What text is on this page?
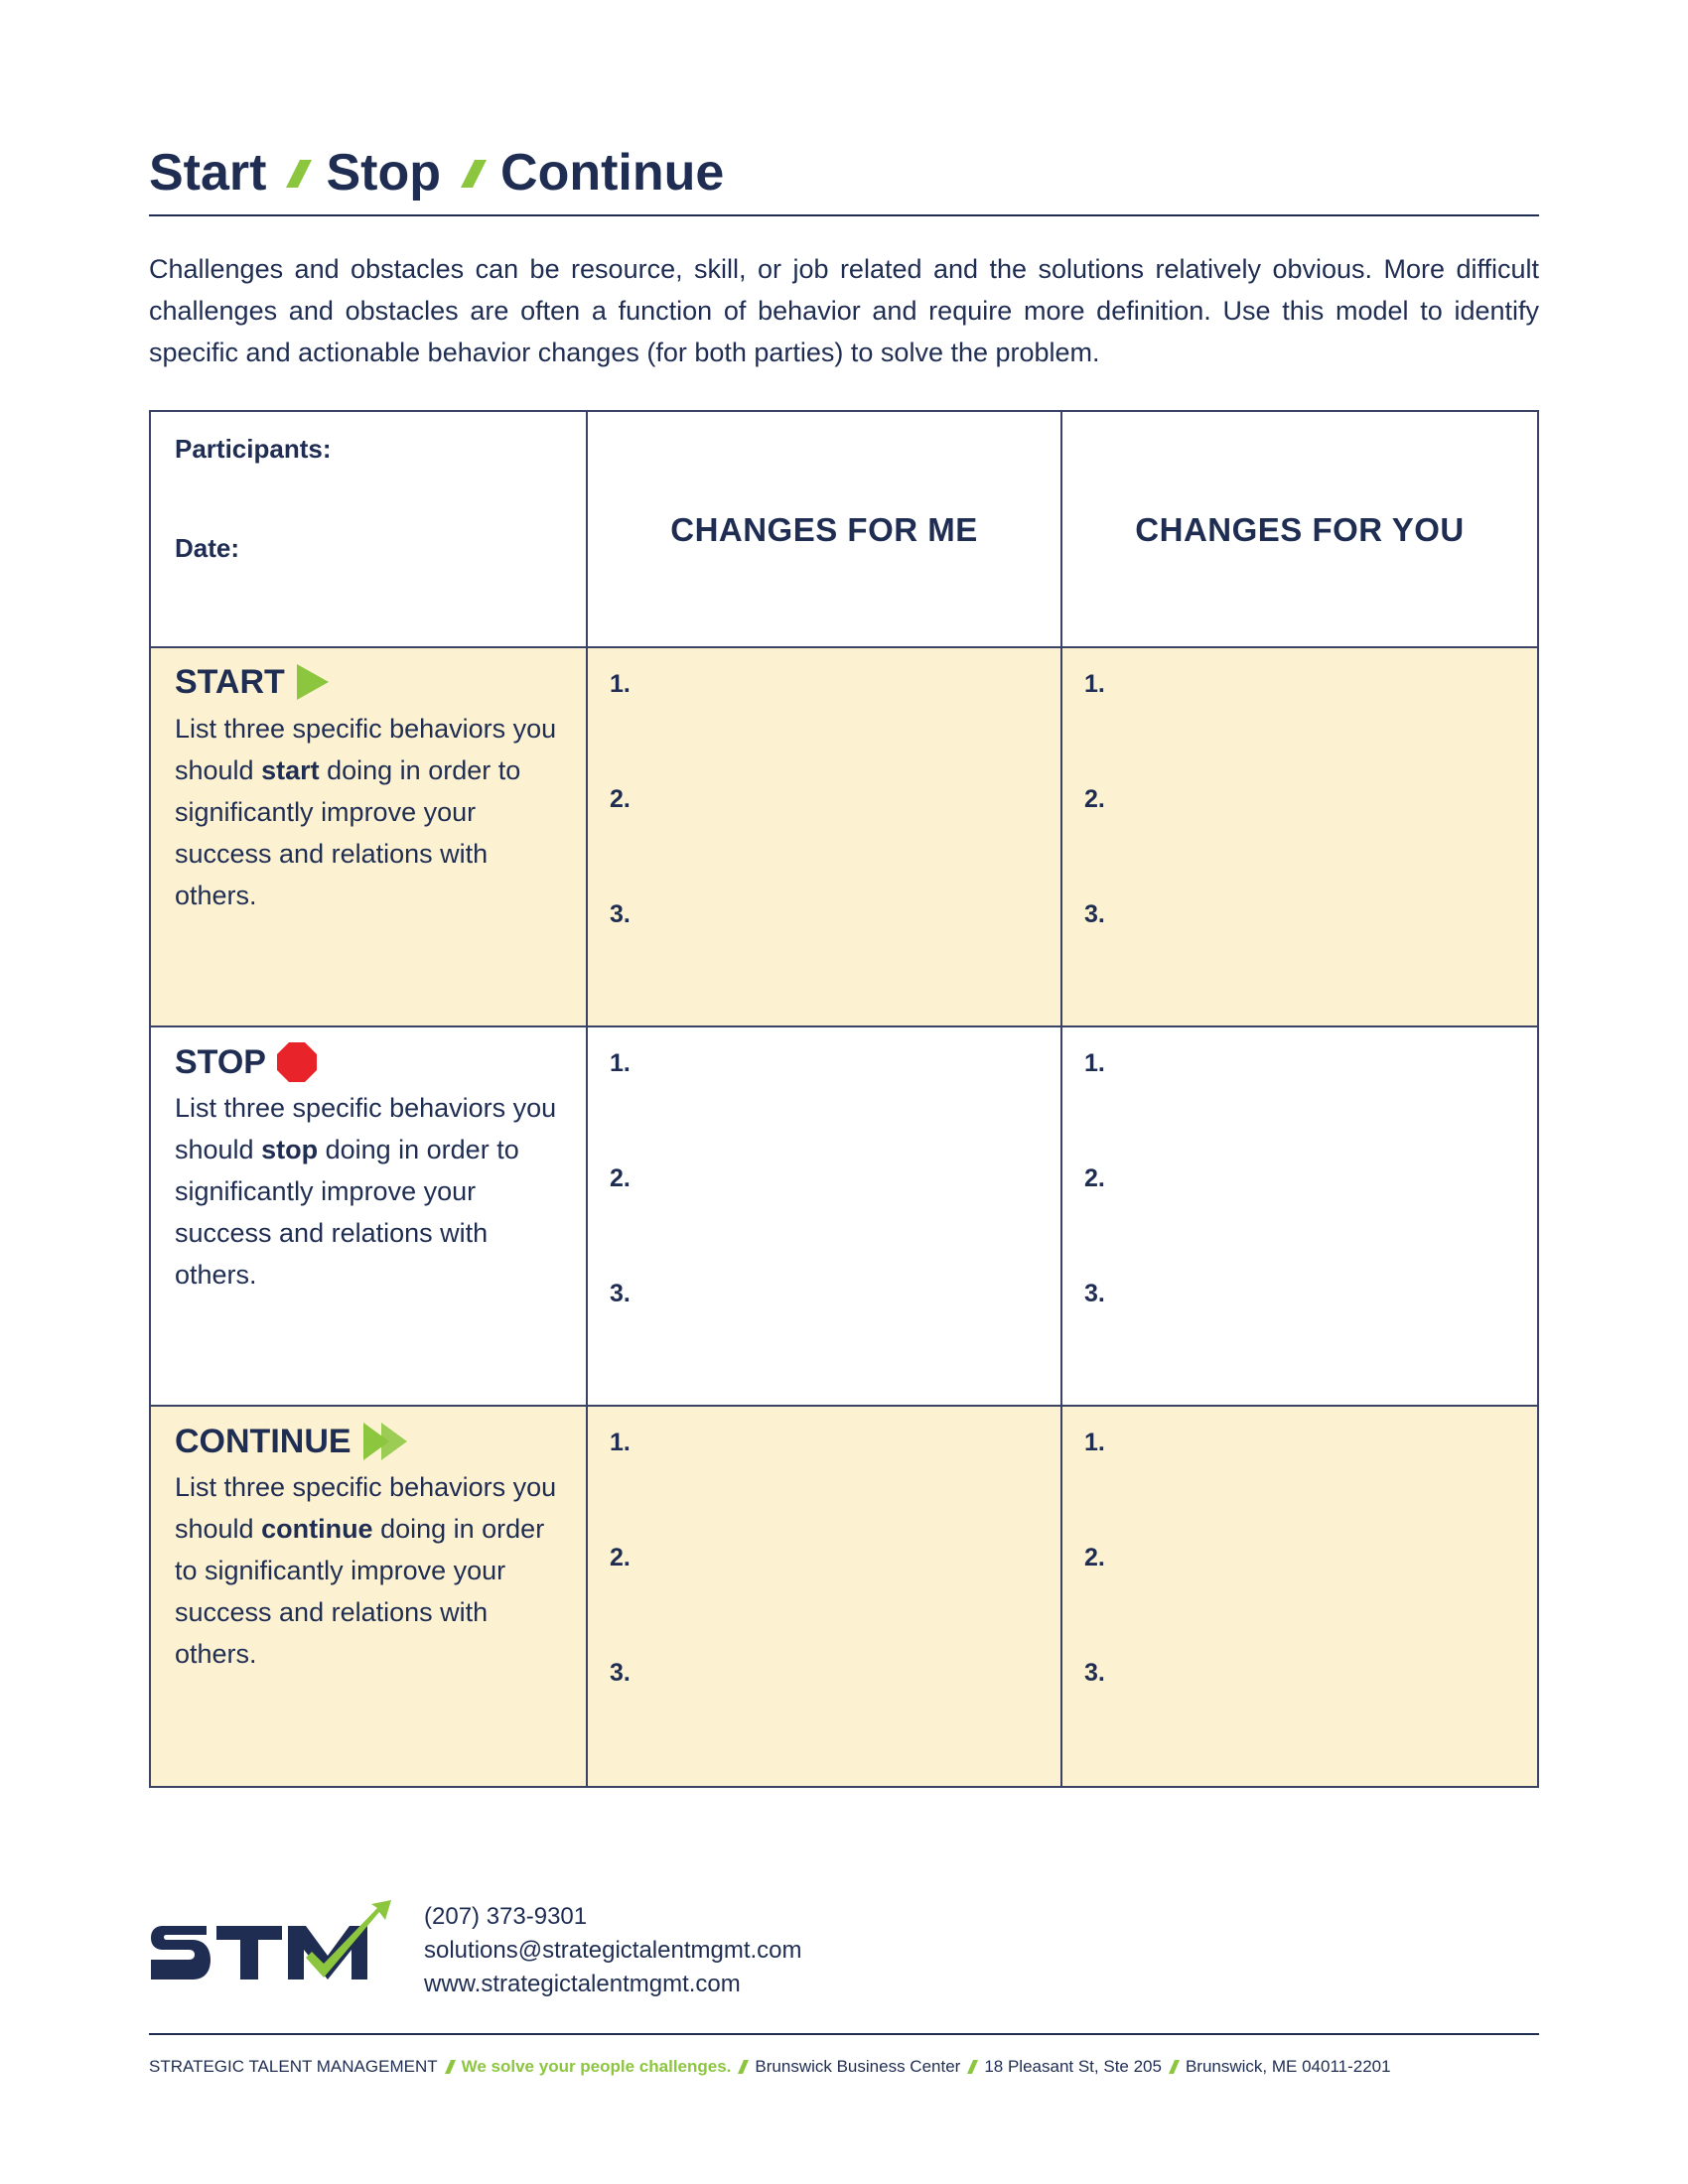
Start Stop Continue
Challenges and obstacles can be resource, skill, or job related and the solutions relatively obvious. More difficult challenges and obstacles are often a function of behavior and require more definition. Use this model to identify specific and actionable behavior changes (for both parties) to solve the problem.
Participants:
Date:
CHANGES FOR ME	CHANGES FOR YOU
START
List three specific behaviors you should start doing in order to significantly improve your success and relations with others.
1.
2.
3.
1.
2.
3.
STOP
List three specific behaviors you should stop doing in order to significantly improve your success and relations with others.
1.
2.
3.
1.
2.
3.
CONTINUE
List three specific behaviors you should continue doing in order to significantly improve your success and relations with others.
1.
2.
3.
1.
2.
3.
(207) 373-9301
solutions@strategictalentmgmt.com
www.strategictalentmgmt.com
STRATEGIC TALENT MANAGEMENT We solve your people challenges. Brunswick Business Center 18 Pleasant St, Ste 205 Brunswick, ME 04011-2201
